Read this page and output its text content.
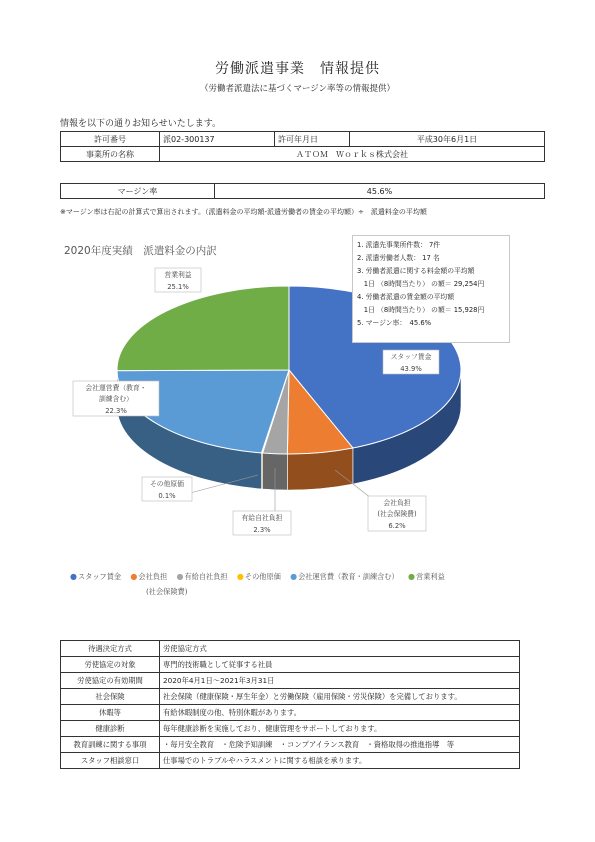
労働派遣事業　情報提供
（労働者派遣法に基づくマージン率等の情報提供）
情報を以下の通りお知らせいたします。
許可番号	派02-300137	許可年月日	平成30年6月1日
事業所の名称	ＡＴＯＭ　Ｗｏｒｋｓ株式会社		
マージン率	45.6%
※マージン率は右記の計算式で算出されます。（派遣料金の平均額-派遣労働者の賃金の平均額）÷　派遣料金の平均額
2020年度実績　派遣料金の内訳
スタッフ賃金
43.9%
会社負担
(社会保険費)
6.2%
有給自社負担
2.3%
その他原価
0.1%
会社運営費（教育・
訓練含む）
22.3%
営業利益
25.1%
1. 派遣先事業所件数： 7件
2. 派遣労働者人数： 17 名
3. 労働者派遣に関する料金額の平均額
　1日 （8時間当たり） の額＝ 29,254円
4. 労働者派遣の賃金額の平均額
　1日 （8時間当たり） の額＝ 15,928円
5. マージン率：　45.6%
●スタッフ賃金 ●会社負担 ●有給自社負担 ●その他原価 ●会社運営費（教育・訓練含む） ●営業利益
(社会保険費)
待遇決定方式	労使協定方式
労使協定の対象	専門的技術職として従事する社員
労使協定の有効期間	2020年4月1日～2021年3月31日
社会保険	社会保険（健康保険・厚生年金）と労働保険（雇用保険・労災保険）を完備しております。
休暇等	有給休暇制度の他、特別休暇があります。
健康診断	毎年健康診断を実施しており、健康管理をサポートしております。
教育訓練に関する事項	・毎月安全教育　・危険予知訓練　・コンプアイランス教育　・資格取得の推進指導　等
スタッフ相談窓口	仕事場でのトラブルやハラスメントに関する相談を承ります。
